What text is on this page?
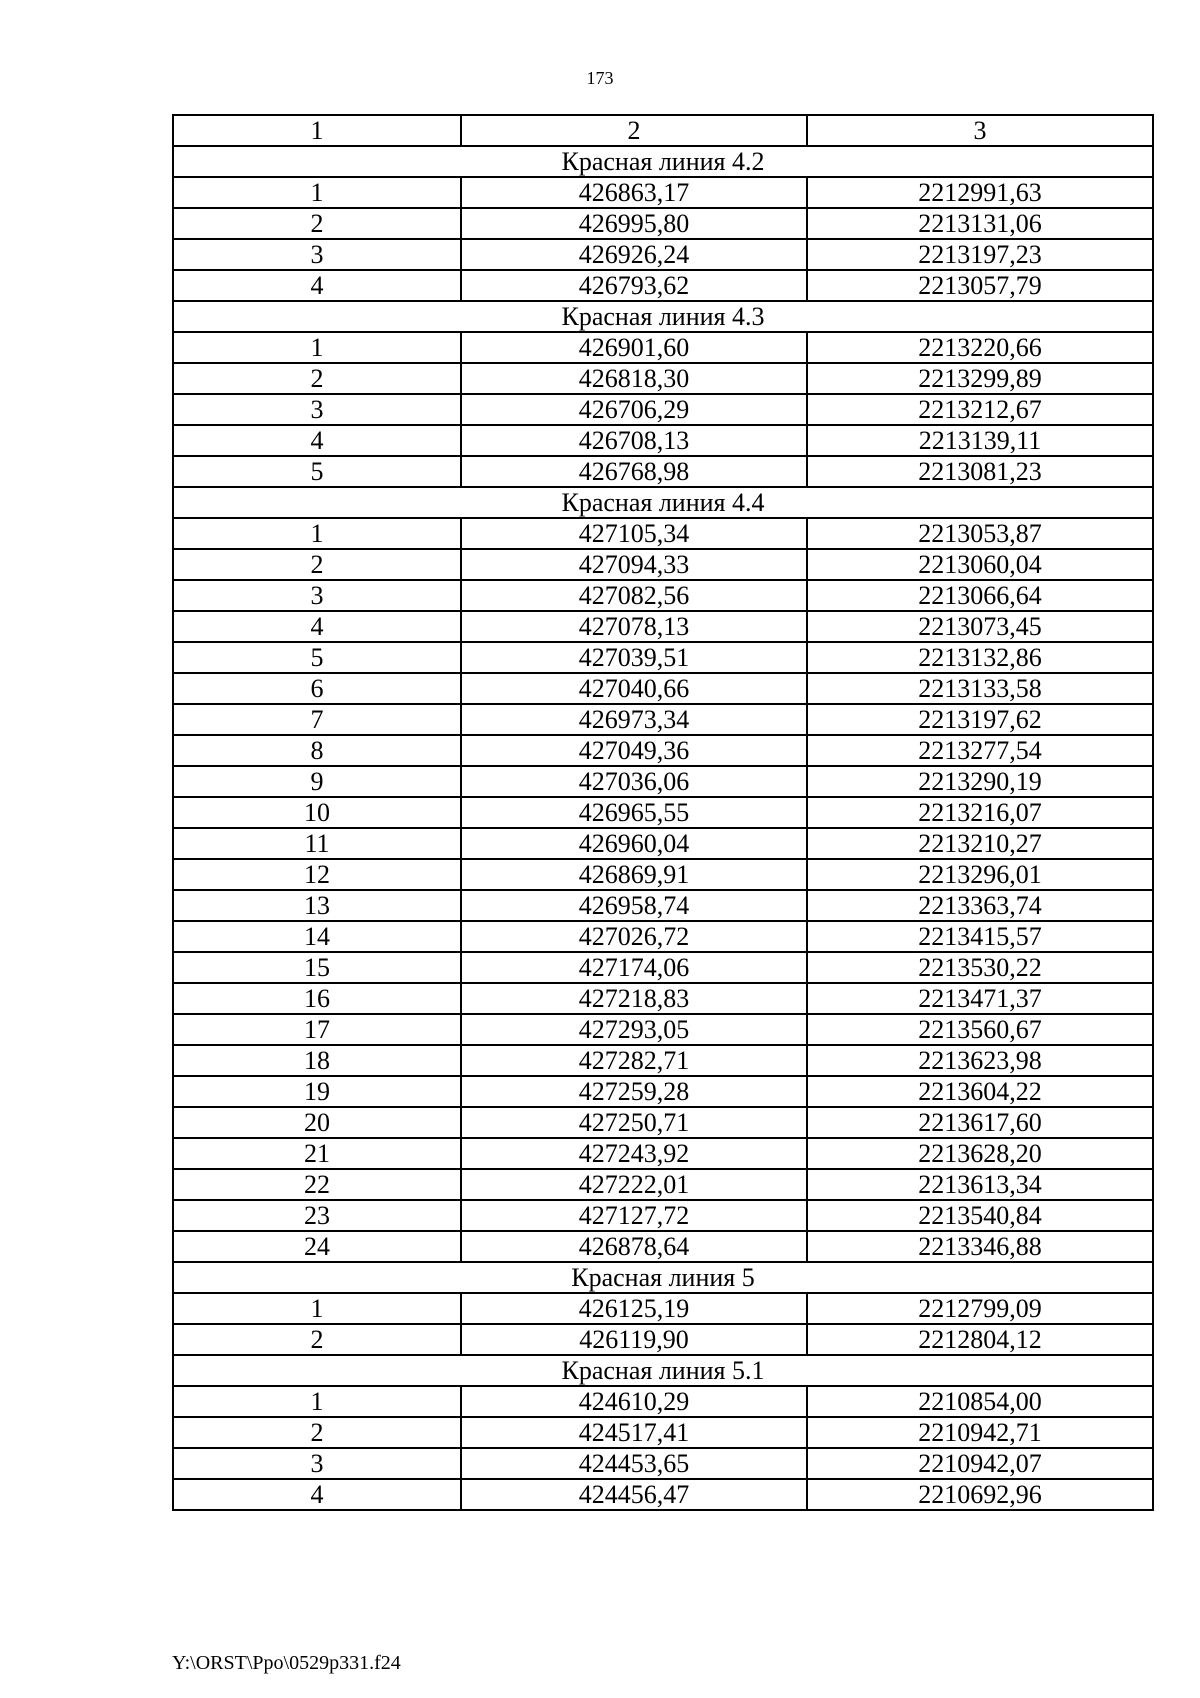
173
1	2	3
Красная линия 4.2		
1	426863,17	2212991,63
2	426995,80	2213131,06
3	426926,24	2213197,23
4	426793,62	2213057,79
Красная линия 4.3		
1	426901,60	2213220,66
2	426818,30	2213299,89
3	426706,29	2213212,67
4	426708,13	2213139,11
5	426768,98	2213081,23
Красная линия 4.4		
1	427105,34	2213053,87
2	427094,33	2213060,04
3	427082,56	2213066,64
4	427078,13	2213073,45
5	427039,51	2213132,86
6	427040,66	2213133,58
7	426973,34	2213197,62
8	427049,36	2213277,54
9	427036,06	2213290,19
10	426965,55	2213216,07
11	426960,04	2213210,27
12	426869,91	2213296,01
13	426958,74	2213363,74
14	427026,72	2213415,57
15	427174,06	2213530,22
16	427218,83	2213471,37
17	427293,05	2213560,67
18	427282,71	2213623,98
19	427259,28	2213604,22
20	427250,71	2213617,60
21	427243,92	2213628,20
22	427222,01	2213613,34
23	427127,72	2213540,84
24	426878,64	2213346,88
Красная линия 5		
1	426125,19	2212799,09
2	426119,90	2212804,12
Красная линия 5.1		
1	424610,29	2210854,00
2	424517,41	2210942,71
3	424453,65	2210942,07
4	424456,47	2210692,96
Y:\ORST\Ppo\0529p331.f24
